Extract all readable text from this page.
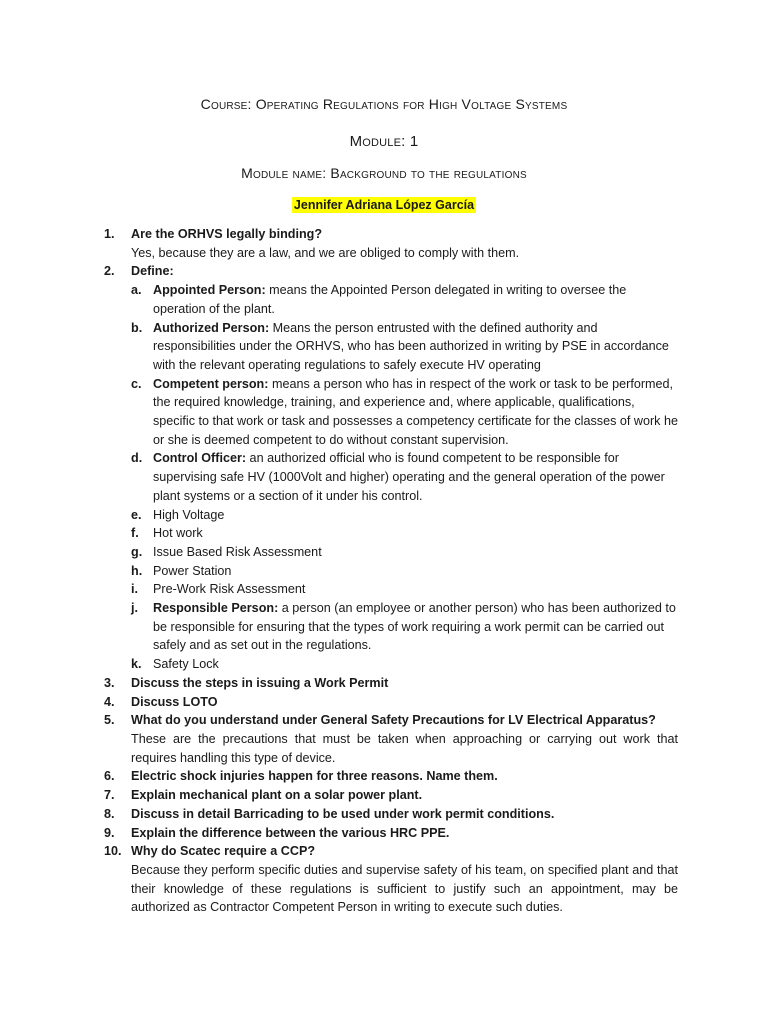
Course: Operating Regulations for High Voltage Systems
Module: 1
Module name: Background to the regulations
Jennifer Adriana López García
1.	Are the ORHVS legally binding?
Yes, because they are a law, and we are obliged to comply with them.
2.	Define:
a. Appointed Person: means the Appointed Person delegated in writing to oversee the operation of the plant.
b. Authorized Person: Means the person entrusted with the defined authority and responsibilities under the ORHVS, who has been authorized in writing by PSE in accordance with the relevant operating regulations to safely execute HV operating
c. Competent person: means a person who has in respect of the work or task to be performed, the required knowledge, training, and experience and, where applicable, qualifications, specific to that work or task and possesses a competency certificate for the classes of work he or she is deemed competent to do without constant supervision.
d. Control Officer: an authorized official who is found competent to be responsible for supervising safe HV (1000Volt and higher) operating and the general operation of the power plant systems or a section of it under his control.
e. High Voltage
f. Hot work
g. Issue Based Risk Assessment
h. Power Station
i. Pre-Work Risk Assessment
j. Responsible Person: a person (an employee or another person) who has been authorized to be responsible for ensuring that the types of work requiring a work permit can be carried out safely and as set out in the regulations.
k. Safety Lock
3.	Discuss the steps in issuing a Work Permit
4.	Discuss LOTO
5.	What do you understand under General Safety Precautions for LV Electrical Apparatus?
These are the precautions that must be taken when approaching or carrying out work that requires handling this type of device.
6.	Electric shock injuries happen for three reasons. Name them.
7.	Explain mechanical plant on a solar power plant.
8.	Discuss in detail Barricading to be used under work permit conditions.
9.	Explain the difference between the various HRC PPE.
10. Why do Scatec require a CCP?
Because they perform specific duties and supervise safety of his team, on specified plant and that their knowledge of these regulations is sufficient to justify such an appointment, may be authorized as Contractor Competent Person in writing to execute such duties.
